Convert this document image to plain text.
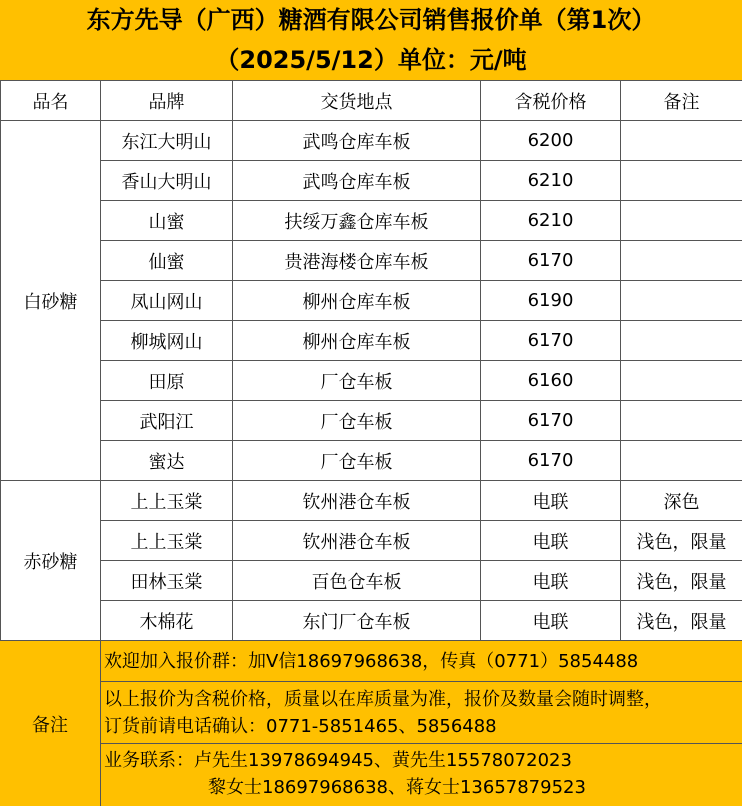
东方先导（广西）糖酒有限公司销售报价单（第1次）
（2025/5/12）单位：元/吨
品名	品牌	交货地点	含税价格	备注
白砂糖	东江大明山	武鸣仓库车板	6200	
	香山大明山	武鸣仓库车板	6210	
	山蜜	扶绥万鑫仓库车板	6210	
	仙蜜	贵港海楼仓库车板	6170	
	凤山网山	柳州仓库车板	6190	
	柳城网山	柳州仓库车板	6170	
	田原	厂仓车板	6160	
	武阳江	厂仓车板	6170	
	蜜达	厂仓车板	6170	
赤砂糖	上上玉棠	钦州港仓车板	电联	深色
	上上玉棠	钦州港仓车板	电联	浅色，限量
	田林玉棠	百色仓车板	电联	浅色，限量
	木棉花	东门厂仓车板	电联	浅色，限量
备注
欢迎加入报价群：加V信18697968638，传真（0771）5854488
以上报价为含税价格，质量以在库质量为准，报价及数量会随时调整，
订货前请电话确认：0771-5851465、5856488
业务联系：卢先生13978694945、黄先生15578072023
黎女士18697968638、蒋女士13657879523
